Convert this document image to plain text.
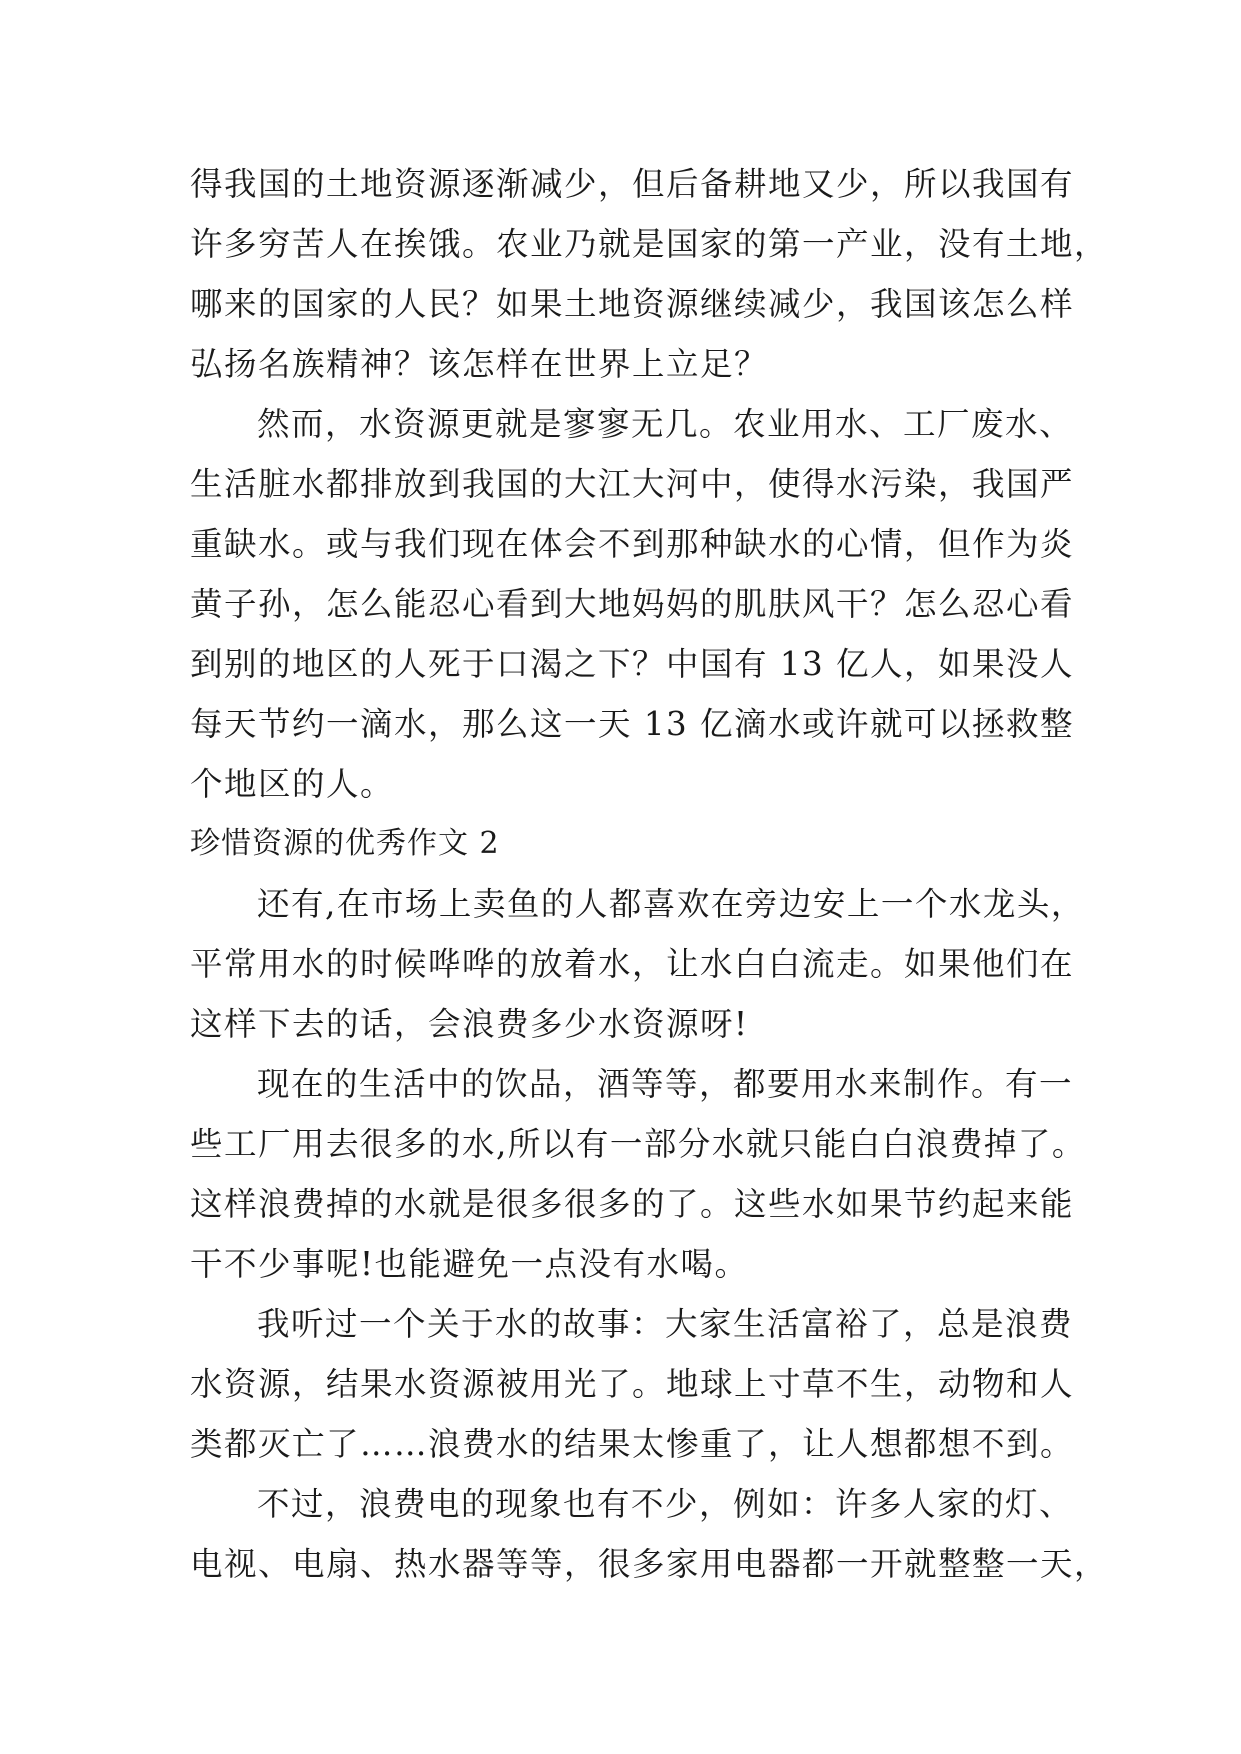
得我国的土地资源逐渐减少，但后备耕地又少，所以我国有
许多穷苦人在挨饿。农业乃就是国家的第一产业，没有土地，
哪来的国家的人民？如果土地资源继续减少，我国该怎么样
弘扬名族精神？该怎样在世界上立足？
然而，水资源更就是寥寥无几。农业用水、工厂废水、
生活脏水都排放到我国的大江大河中，使得水污染，我国严
重缺水。或与我们现在体会不到那种缺水的心情，但作为炎
黄子孙，怎么能忍心看到大地妈妈的肌肤风干？怎么忍心看
到别的地区的人死于口渴之下？中国有 13 亿人，如果没人
每天节约一滴水，那么这一天 13 亿滴水或许就可以拯救整
个地区的人。
珍惜资源的优秀作文 2
还有,在市场上卖鱼的人都喜欢在旁边安上一个水龙头，
平常用水的时候哗哗的放着水，让水白白流走。如果他们在
这样下去的话，会浪费多少水资源呀!
现在的生活中的饮品，酒等等，都要用水来制作。有一
些工厂用去很多的水,所以有一部分水就只能白白浪费掉了。
这样浪费掉的水就是很多很多的了。这些水如果节约起来能
干不少事呢!也能避免一点没有水喝。
我听过一个关于水的故事：大家生活富裕了，总是浪费
水资源，结果水资源被用光了。地球上寸草不生，动物和人
类都灭亡了……浪费水的结果太惨重了，让人想都想不到。
不过，浪费电的现象也有不少，例如：许多人家的灯、
电视、电扇、热水器等等，很多家用电器都一开就整整一天，
